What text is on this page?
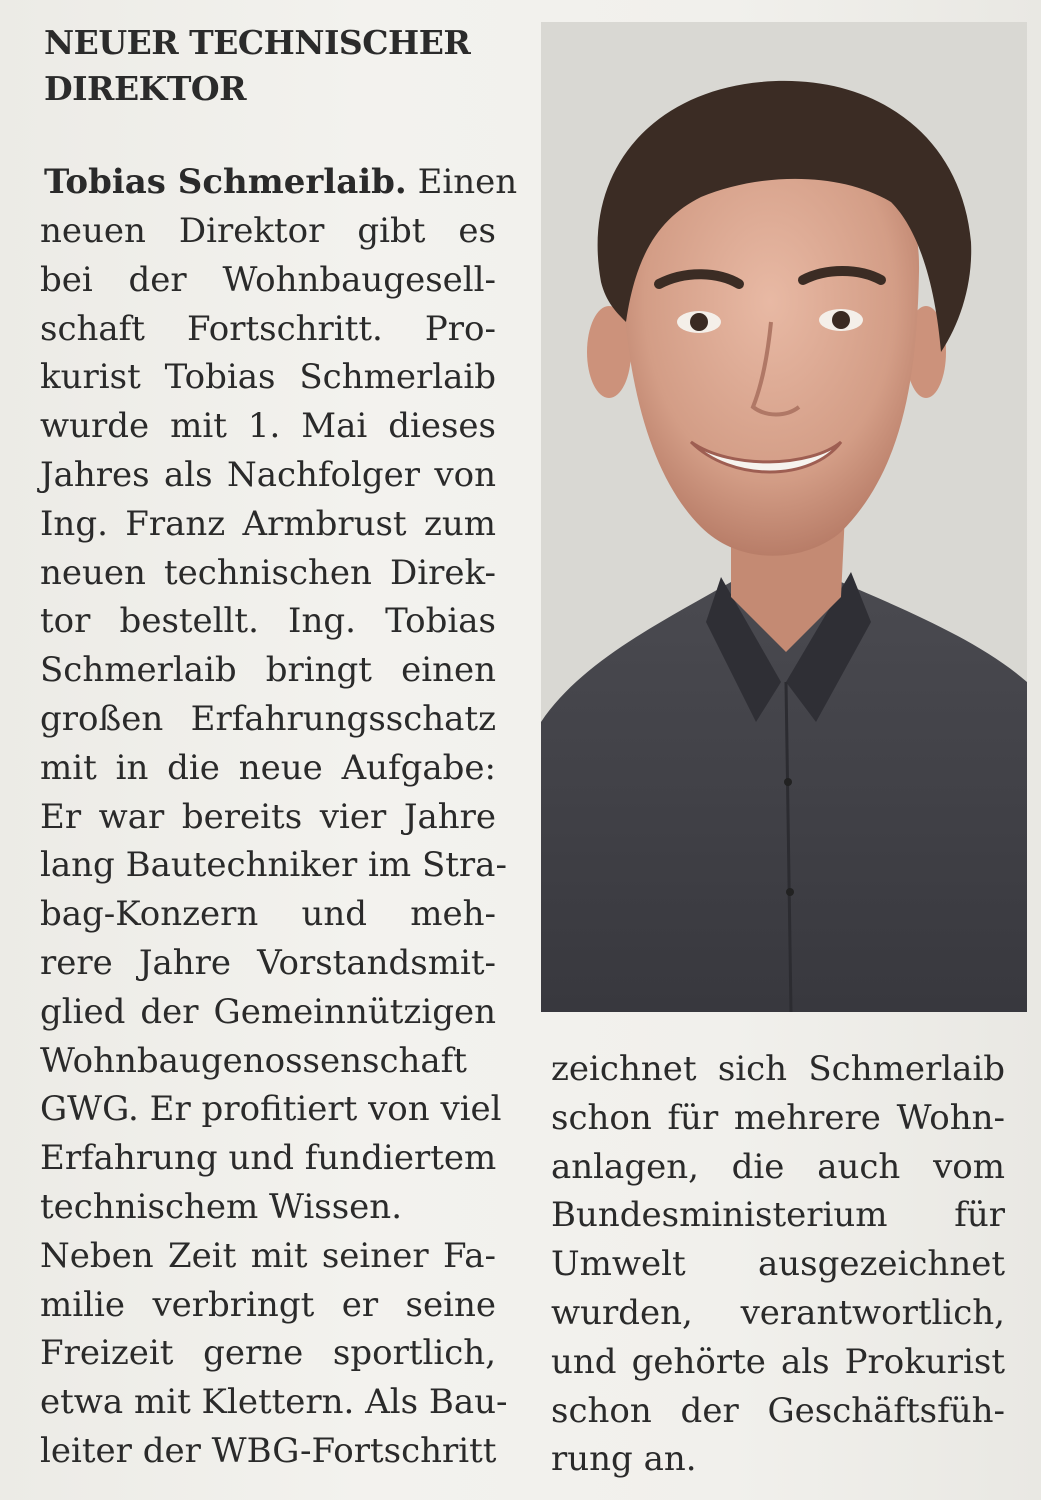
NEUER TECHNISCHER
DIREKTOR
Tobias Schmerlaib. Einen
neuen Direktor gibt es
bei der Wohnbaugesell-
schaft Fortschritt. Pro-
kurist Tobias Schmerlaib
wurde mit 1. Mai dieses
Jahres als Nachfolger von
Ing. Franz Armbrust zum
neuen technischen Direk-
tor bestellt. Ing. Tobias
Schmerlaib bringt einen
großen Erfahrungsschatz
mit in die neue Aufgabe:
Er war bereits vier Jahre
lang Bautechniker im Stra-
bag-Konzern und meh-
rere Jahre Vorstandsmit-
glied der Gemeinnützigen
Wohnbaugenossenschaft
GWG. Er profitiert von viel
Erfahrung und fundiertem
technischem Wissen.
Neben Zeit mit seiner Fa-
milie verbringt er seine
Freizeit gerne sportlich,
etwa mit Klettern. Als Bau-
leiter der WBG-Fortschritt
zeichnet sich Schmerlaib
schon für mehrere Wohn-
anlagen, die auch vom
Bundesministerium für
Umwelt ausgezeichnet
wurden, verantwortlich,
und gehörte als Prokurist
schon der Geschäftsfüh-
rung an.
